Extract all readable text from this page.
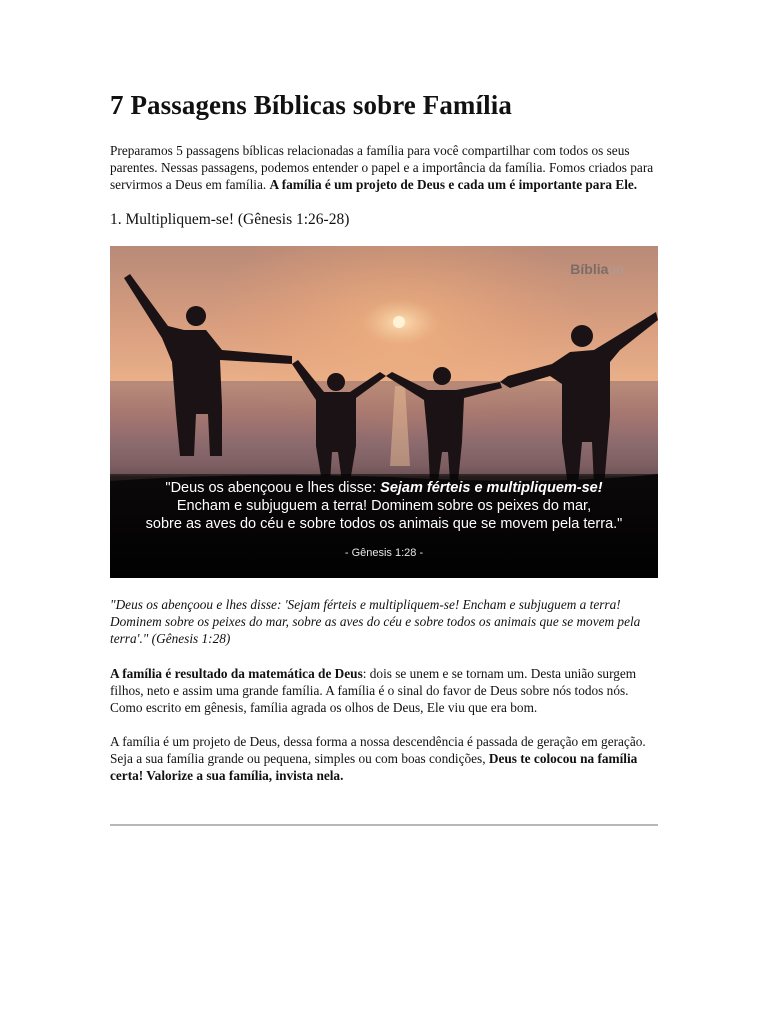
7 Passagens Bíblicas sobre Família

Preparamos 5 passagens bíblicas relacionadas a família para você compartilhar com todos os seus parentes. Nessas passagens, podemos entender o papel e a importância da família. Fomos criados para servirmos a Deus em família. A família é um projeto de Deus e cada um é importante para Ele.

1. Multipliquem-se! (Gênesis 1:26-28)
Bíbliaon
"Deus os abençoou e lhes disse: Sejam férteis e multipliquem-se!
Encham e subjuguem a terra! Dominem sobre os peixes do mar,
sobre as aves do céu e sobre todos os animais que se movem pela terra."
- Gênesis 1:28 -

"Deus os abençoou e lhes disse: 'Sejam férteis e multipliquem-se! Encham e subjuguem a terra! Dominem sobre os peixes do mar, sobre as aves do céu e sobre todos os animais que se movem pela terra'." (Gênesis 1:28)

A família é resultado da matemática de Deus: dois se unem e se tornam um. Desta união surgem filhos, neto e assim uma grande família. A família é o sinal do favor de Deus sobre nós todos nós. Como escrito em gênesis, família agrada os olhos de Deus, Ele viu que era bom.

A família é um projeto de Deus, dessa forma a nossa descendência é passada de geração em geração. Seja a sua família grande ou pequena, simples ou com boas condições, Deus te colocou na família certa! Valorize a sua família, invista nela.
